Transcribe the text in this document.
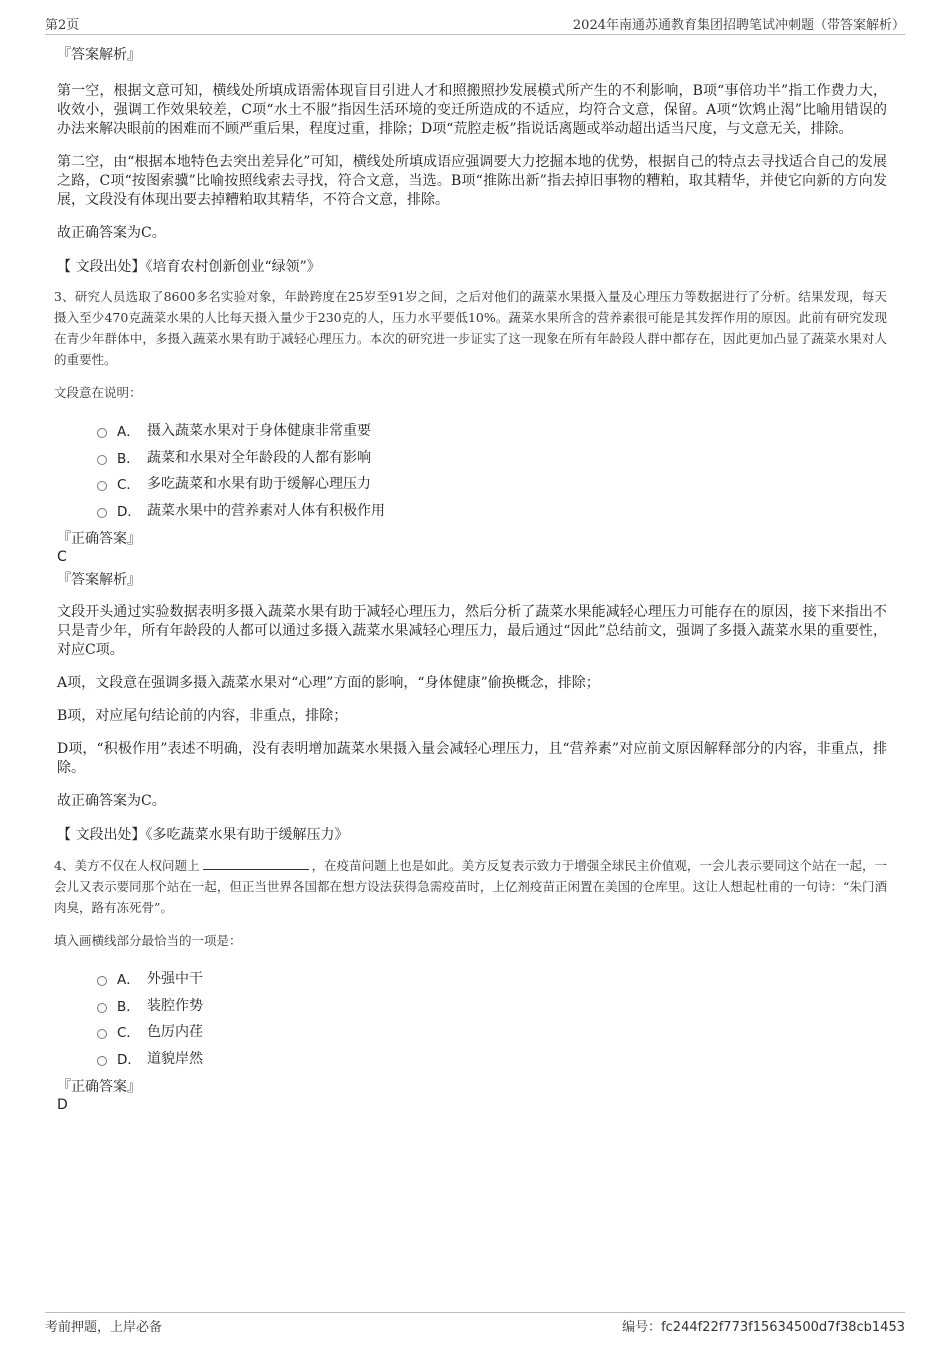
第2页	2024年南通苏通教育集团招聘笔试冲刺题（带答案解析）

『答案解析』

第一空，根据文意可知，横线处所填成语需体现盲目引进人才和照搬照抄发展模式所产生的不利影响，B项“事倍功半”指工作费力大，收效小，强调工作效果较差，C项“水土不服”指因生活环境的变迁所造成的不适应，均符合文意，保留。A项“饮鸩止渴”比喻用错误的办法来解决眼前的困难而不顾严重后果，程度过重，排除；D项“荒腔走板”指说话离题或举动超出适当尺度，与文意无关，排除。

第二空，由“根据本地特色去突出差异化”可知，横线处所填成语应强调要大力挖掘本地的优势，根据自己的特点去寻找适合自己的发展之路，C项“按图索骥”比喻按照线索去寻找，符合文意，当选。B项“推陈出新”指去掉旧事物的糟粕，取其精华，并使它向新的方向发展，文段没有体现出要去掉糟粕取其精华，不符合文意，排除。

故正确答案为C。

【 文段出处】《培育农村创新创业“绿领”》

3、研究人员选取了8600多名实验对象，年龄跨度在25岁至91岁之间，之后对他们的蔬菜水果摄入量及心理压力等数据进行了分析。结果发现，每天摄入至少470克蔬菜水果的人比每天摄入量少于230克的人，压力水平要低10%。蔬菜水果所含的营养素很可能是其发挥作用的原因。此前有研究发现在青少年群体中，多摄入蔬菜水果有助于减轻心理压力。本次的研究进一步证实了这一现象在所有年龄段人群中都存在，因此更加凸显了蔬菜水果对人的重要性。

文段意在说明：

A． 摄入蔬菜水果对于身体健康非常重要
B． 蔬菜和水果对全年龄段的人都有影响
C． 多吃蔬菜和水果有助于缓解心理压力
D． 蔬菜水果中的营养素对人体有积极作用

『正确答案』

C

『答案解析』

文段开头通过实验数据表明多摄入蔬菜水果有助于减轻心理压力，然后分析了蔬菜水果能减轻心理压力可能存在的原因，接下来指出不只是青少年，所有年龄段的人都可以通过多摄入蔬菜水果减轻心理压力，最后通过“因此”总结前文，强调了多摄入蔬菜水果的重要性，对应C项。

A项，文段意在强调多摄入蔬菜水果对“心理”方面的影响，“身体健康”偷换概念，排除；

B项，对应尾句结论前的内容，非重点，排除；

D项，“积极作用”表述不明确，没有表明增加蔬菜水果摄入量会减轻心理压力，且“营养素”对应前文原因解释部分的内容，非重点，排除。

故正确答案为C。

【 文段出处】《多吃蔬菜水果有助于缓解压力》

4、美方不仅在人权问题上	，在疫苗问题上也是如此。美方反复表示致力于增强全球民主价值观，一会儿表示要同这个站在一起，一会儿又表示要同那个站在一起，但正当世界各国都在想方设法获得急需疫苗时，上亿剂疫苗正闲置在美国的仓库里。这让人想起杜甫的一句诗：“朱门酒肉臭，路有冻死骨”。

填入画横线部分最恰当的一项是：

A． 外强中干
B． 装腔作势
C． 色厉内荏
D． 道貌岸然

『正确答案』

D

考前押题，上岸必备	编号：fc244f22f773f15634500d7f38cb1453
